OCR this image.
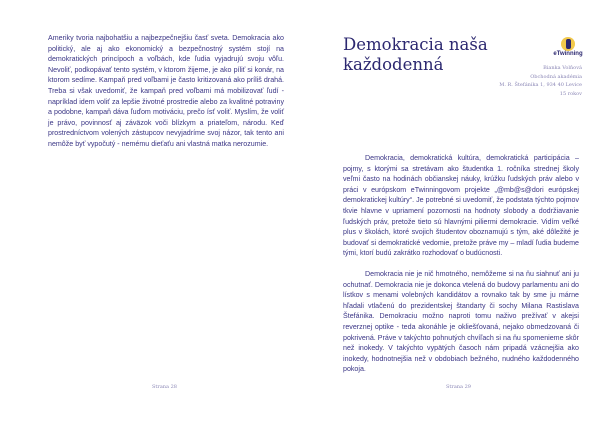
Ameriky tvoria najbohatšiu a najbezpečnejšiu časť sveta. Demokracia ako politický, ale aj ako ekonomický a bezpečnostný systém stojí na demokratických princípoch a voľbách, kde ľudia vyjadrujú svoju vôľu. Nevoliť, podkopávať tento systém, v ktorom žijeme, je ako píliť si konár, na ktorom sedíme. Kampaň pred voľbami je často kritizovaná ako príliš drahá. Treba si však uvedomiť, že kampaň pred voľbami má mobilizovať ľudí - napríklad idem voliť za lepšie životné prostredie alebo za kvalitné potraviny a podobne, kampaň dáva ľuďom motiváciu, prečo ísť voliť. Myslím, že voliť je právo, povinnosť aj záväzok voči blízkym a priateľom, národu. Keď prostredníctvom volených zástupcov nevyjadríme svoj názor, tak tento ani nemôže byť vypočutý - nemému dieťaťu ani vlastná matka nerozumie.

Strana 28
Demokracia naša každodenná
eTwinning
Bianka Volňová
Obchodná akadémia
M. R. Štefánika 1, 934 40 Levice
15 rokov

Demokracia, demokratická kultúra, demokratická participácia – pojmy, s ktorými sa stretávam ako študentka 1. ročníka strednej školy veľmi často na hodinách občianskej náuky, krúžku ľudských práv alebo v práci v európskom eTwinningovom projekte „@mb@s@dori európskej demokratickej kultúry“. Je potrebné si uvedomiť, že podstata týchto pojmov tkvie hlavne v upriamení pozornosti na hodnoty slobody a dodržiavanie ľudských práv, pretože tieto sú hlavnými piliermi demokracie. Vidím veľké plus v školách, ktoré svojich študentov oboznamujú s tým, aké dôležité je budovať si demokratické vedomie, pretože práve my – mladí ľudia budeme tými, ktorí budú zakrátko rozhodovať o budúcnosti.

Demokracia nie je nič hmotného, nemôžeme si na ňu siahnuť ani ju ochutnať. Demokracia nie je dokonca vtelená do budovy parlamentu ani do lístkov s menami volebných kandidátov a rovnako tak by sme ju márne hľadali vtlačenú do prezidentskej štandarty či sochy Milana Rastislava Štefánika. Demokraciu možno naproti tomu naživo prežívať v akejsi reverznej optike - teda akonáhle je okliešťovaná, nejako obmedzovaná či pokrivená. Práve v takýchto pohnutých chvíľach si na ňu spomenieme skôr než inokedy. V takýchto vypätých časoch nám pripadá vzácnejšia ako inokedy, hodnotnejšia než v obdobiach bežného, nudného každodenného pokoja.

Strana 29
